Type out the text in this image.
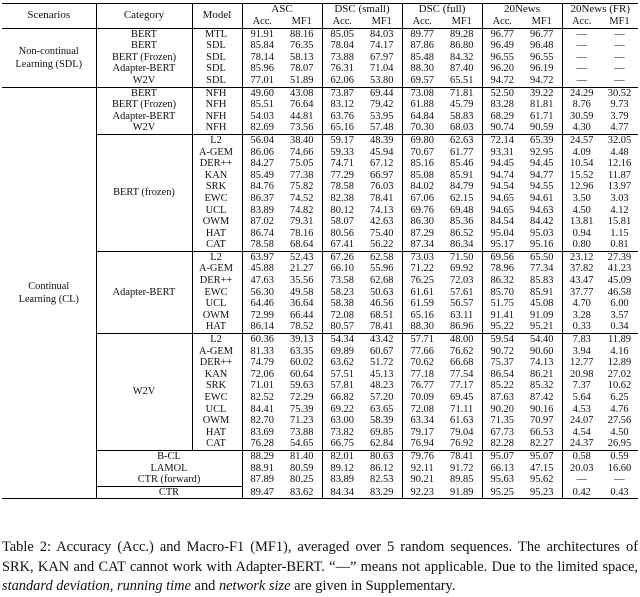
Scenarios	Category	Model	ASC		DSC (small)		DSC (full)		20News		20News (FR)	
			Acc.	MF1	Acc.	MF1	Acc.	MF1	Acc.	MF1	Acc.	MF1
Non-continual
Learning (SDL)	BERT	MTL	91.91	88.16	85.05	84.03	89.77	89.28	96.77	96.77	—	—
	BERT	SDL	85.84	76.35	78.04	74.17	87.86	86.80	96.49	96.48	—	—
	BERT (Frozen)	SDL	78.14	58.13	73.88	67.97	85.48	84.32	96.55	96.55	—	—
	Adapter-BERT	SDL	85.96	78.07	76.31	71.04	88.30	87.40	96.20	96.19	—	—
	W2V	SDL	77.01	51.89	62.06	53.80	69.57	65.51	94.72	94.72	—	—
Continual
Learning (CL)	BERT	NFH	49.60	43.08	73.87	69.44	73.08	71.81	52.50	39.22	24.29	30.52
	BERT (Frozen)	NFH	85.51	76.64	83.12	79.42	61.88	45.79	83.28	81.81	8.76	9.73
	Adapter-BERT	NFH	54.03	44.81	63.76	53.95	64.84	58.83	68.29	61.71	30.59	3.79
	W2V	NFH	82.69	73.56	65.16	57.48	70.30	68.03	90.74	90.59	4.30	4.77
	BERT (frozen)	L2	56.04	38.40	59.17	48.39	69.80	62.63	72.14	65.39	24.57	32.05
		A-GEM	86.06	74.66	59.33	45.94	70.67	61.77	93.31	92.95	4.09	4.48
		DER++	84.27	75.05	74.71	67.12	85.16	85.46	94.45	94.45	10.54	12.16
		KAN	85.49	77.38	77.29	66.97	85.08	85.91	94.74	94.77	15.52	11.87
		SRK	84.76	75.82	78.58	76.03	84.02	84.79	94.54	94.55	12.96	13.97
		EWC	86.37	74.52	82.38	78.41	67.06	62.15	94.65	94.61	3.50	3.03
		UCL	83.89	74.82	80.12	74.13	69.76	69.48	94.65	94.63	4.50	4.12
		OWM	87.02	79.31	58.07	42.63	86.30	85.36	84.54	84.42	13.81	15.81
		HAT	86.74	78.16	80.56	75.40	87.29	86.52	95.04	95.03	0.94	1.15
		CAT	78.58	68.64	67.41	56.22	87.34	86.34	95.17	95.16	0.80	0.81
	Adapter-BERT	L2	63.97	52.43	67.26	62.58	73.03	71.50	69.56	65.50	23.12	27.39
		A-GEM	45.88	21.27	66.10	55.96	71.22	69.92	78.96	77.34	37.82	41.23
		DER++	47.63	35.56	73.58	62.68	76.25	72.03	86.32	85.83	43.47	45.09
		EWC	56.30	49.58	58.23	50.63	61.61	57.61	85.70	85.91	37.77	46.58
		UCL	64.46	36.64	58.38	46.56	61.59	56.57	51.75	45.08	4.70	6.00
		OWM	72.99	66.44	72.08	68.51	65.16	63.11	91.41	91.09	3.28	3.57
		HAT	86.14	78.52	80.57	78.41	88.30	86.96	95.22	95.21	0.33	0.34
	W2V	L2	60.36	39.13	54.34	43.42	57.71	48.00	59.54	54.40	7.83	11.89
		A-GEM	81.33	63.35	69.89	60.67	77.66	76.62	90.72	90.60	3.94	4.16
		DER++	74.79	60.02	63.62	51.72	70.62	66.68	75.37	74.13	12.77	12.89
		KAN	72.06	60.64	57.51	45.13	77.18	77.54	86.54	86.21	20.98	27.02
		SRK	71.01	59.63	57.81	48.23	76.77	77.17	85.22	85.32	7.37	10.62
		EWC	82.52	72.29	66.82	57.20	70.09	69.45	87.63	87.42	5.64	6.25
		UCL	84.41	75.39	69.22	63.65	72.08	71.11	90.20	90.16	4.53	4.76
		OWM	82.70	71.23	63.00	58.39	63.34	61.63	71.35	70.97	24.07	27.56
		HAT	83.69	73.88	73.82	69.85	79.17	79.04	67.73	66.53	4.54	4.50
		CAT	76.28	54.65	66.75	62.84	76.94	76.92	82.28	82.27	24.37	26.95
	B-CL		88.29	81.40	82.01	80.63	79.76	78.41	95.07	95.07	0.58	0.59
	LAMOL		88.91	80.59	89.12	86.12	92.11	91.72	66.13	47.15	20.03	16.60
	CTR (forward)		87.89	80.25	83.89	82.53	90.21	89.85	95.63	95.62	—	—
	CTR		89.47	83.62	84.34	83.29	92.23	91.89	95.25	95.23	0.42	0.43
Table 2: Accuracy (Acc.) and Macro-F1 (MF1), averaged over 5 random sequences. The architectures of SRK, KAN and CAT cannot work with Adapter-BERT. “—” means not applicable. Due to the limited space, standard deviation, running time and network size are given in Supplementary.
